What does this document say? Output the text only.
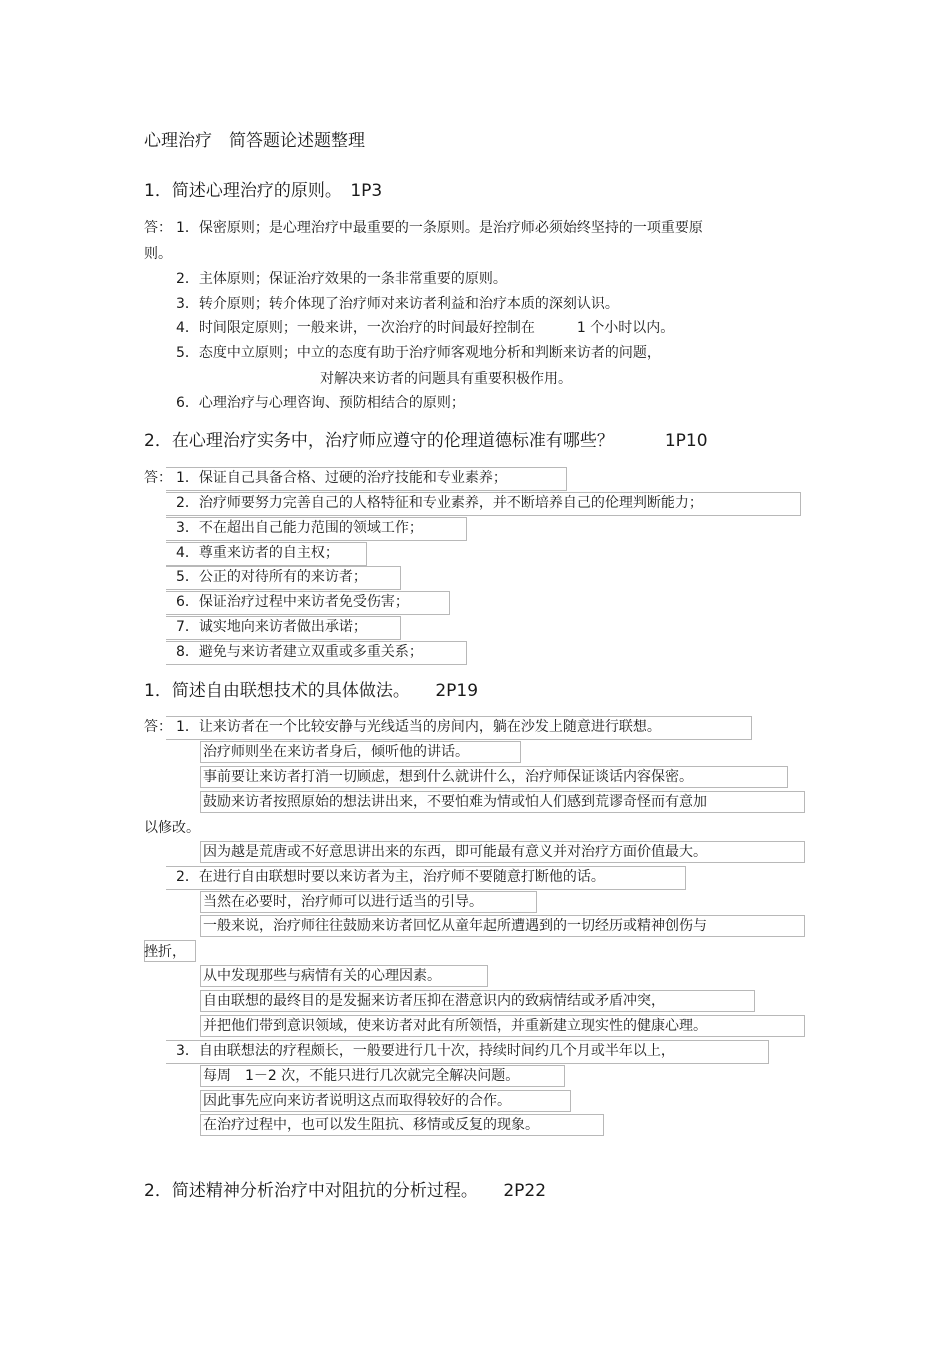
心理治疗　简答题论述题整理
1．简述心理治疗的原则。　1P3
答： 1．保密原则；是心理治疗中最重要的一条原则。是治疗师必须始终坚持的一项重要原
则。
2．主体原则；保证治疗效果的一条非常重要的原则。
3．转介原则；转介体现了治疗师对来访者利益和治疗本质的深刻认识。
4．时间限定原则；一般来讲，一次治疗的时间最好控制在　　　1 个小时以内。
5．态度中立原则；中立的态度有助于治疗师客观地分析和判断来访者的问题，
对解决来访者的问题具有重要积极作用。
6．心理治疗与心理咨询、预防相结合的原则；
2．在心理治疗实务中，治疗师应遵守的伦理道德标准有哪些？　　　1P10
答： 1．保证自己具备合格、过硬的治疗技能和专业素养；
2．治疗师要努力完善自己的人格特征和专业素养，并不断培养自己的伦理判断能力；
3．不在超出自己能力范围的领域工作；
4．尊重来访者的自主权；
5．公正的对待所有的来访者；
6．保证治疗过程中来访者免受伤害；
7．诚实地向来访者做出承诺；
8．避免与来访者建立双重或多重关系；
1．简述自由联想技术的具体做法。　　2P19
答： 1．让来访者在一个比较安静与光线适当的房间内，躺在沙发上随意进行联想。
治疗师则坐在来访者身后，倾听他的讲话。
事前要让来访者打消一切顾虑，想到什么就讲什么，治疗师保证谈话内容保密。
鼓励来访者按照原始的想法讲出来，不要怕难为情或怕人们感到荒谬奇怪而有意加
以修改。
因为越是荒唐或不好意思讲出来的东西，即可能最有意义并对治疗方面价值最大。
2．在进行自由联想时要以来访者为主，治疗师不要随意打断他的话。
当然在必要时，治疗师可以进行适当的引导。
一般来说，治疗师往往鼓励来访者回忆从童年起所遭遇到的一切经历或精神创伤与
挫折，
从中发现那些与病情有关的心理因素。
自由联想的最终目的是发掘来访者压抑在潜意识内的致病情结或矛盾冲突，
并把他们带到意识领域，使来访者对此有所领悟，并重新建立现实性的健康心理。
3．自由联想法的疗程颇长，一般要进行几十次，持续时间约几个月或半年以上，
每周　1－2 次，不能只进行几次就完全解决问题。
因此事先应向来访者说明这点而取得较好的合作。
在治疗过程中，也可以发生阻抗、移情或反复的现象。
2．简述精神分析治疗中对阻抗的分析过程。　　2P22
